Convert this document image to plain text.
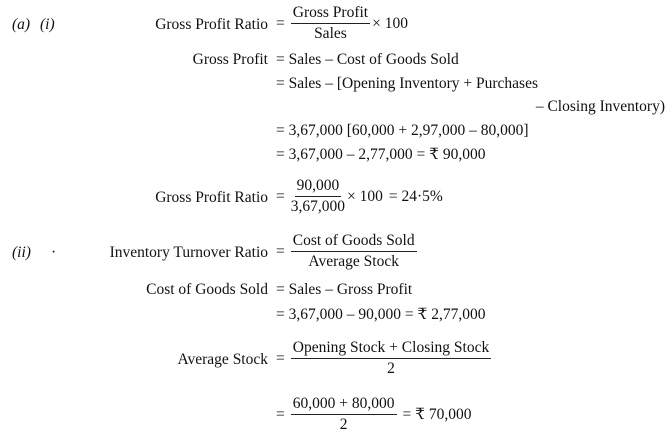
(a) (i)	Gross Profit Ratio = $\frac{\text{Gross Profit}}{\text{Sales}} \times 100$
Gross Profit = Sales – Cost of Goods Sold
= Sales – [Opening Inventory + Purchases
– Closing Inventory)
= 3,67,000 [60,000 + 2,97,000 – 80,000]
= 3,67,000 – 2,77,000 = ₹ 90,000
Gross Profit Ratio = $\frac{90,000}{3,67,000} \times 100 = 24\cdot 5\%$
(ii) ·	Inventory Turnover Ratio = $\frac{\text{Cost of Goods Sold}}{\text{Average Stock}}$
Cost of Goods Sold = Sales – Gross Profit
= 3,67,000 – 90,000 = ₹ 2,77,000
Average Stock = $\frac{\text{Opening Stock + Closing Stock}}{2}$
= $\frac{60,000 + 80,000}{2}$ = ₹ 70,000
